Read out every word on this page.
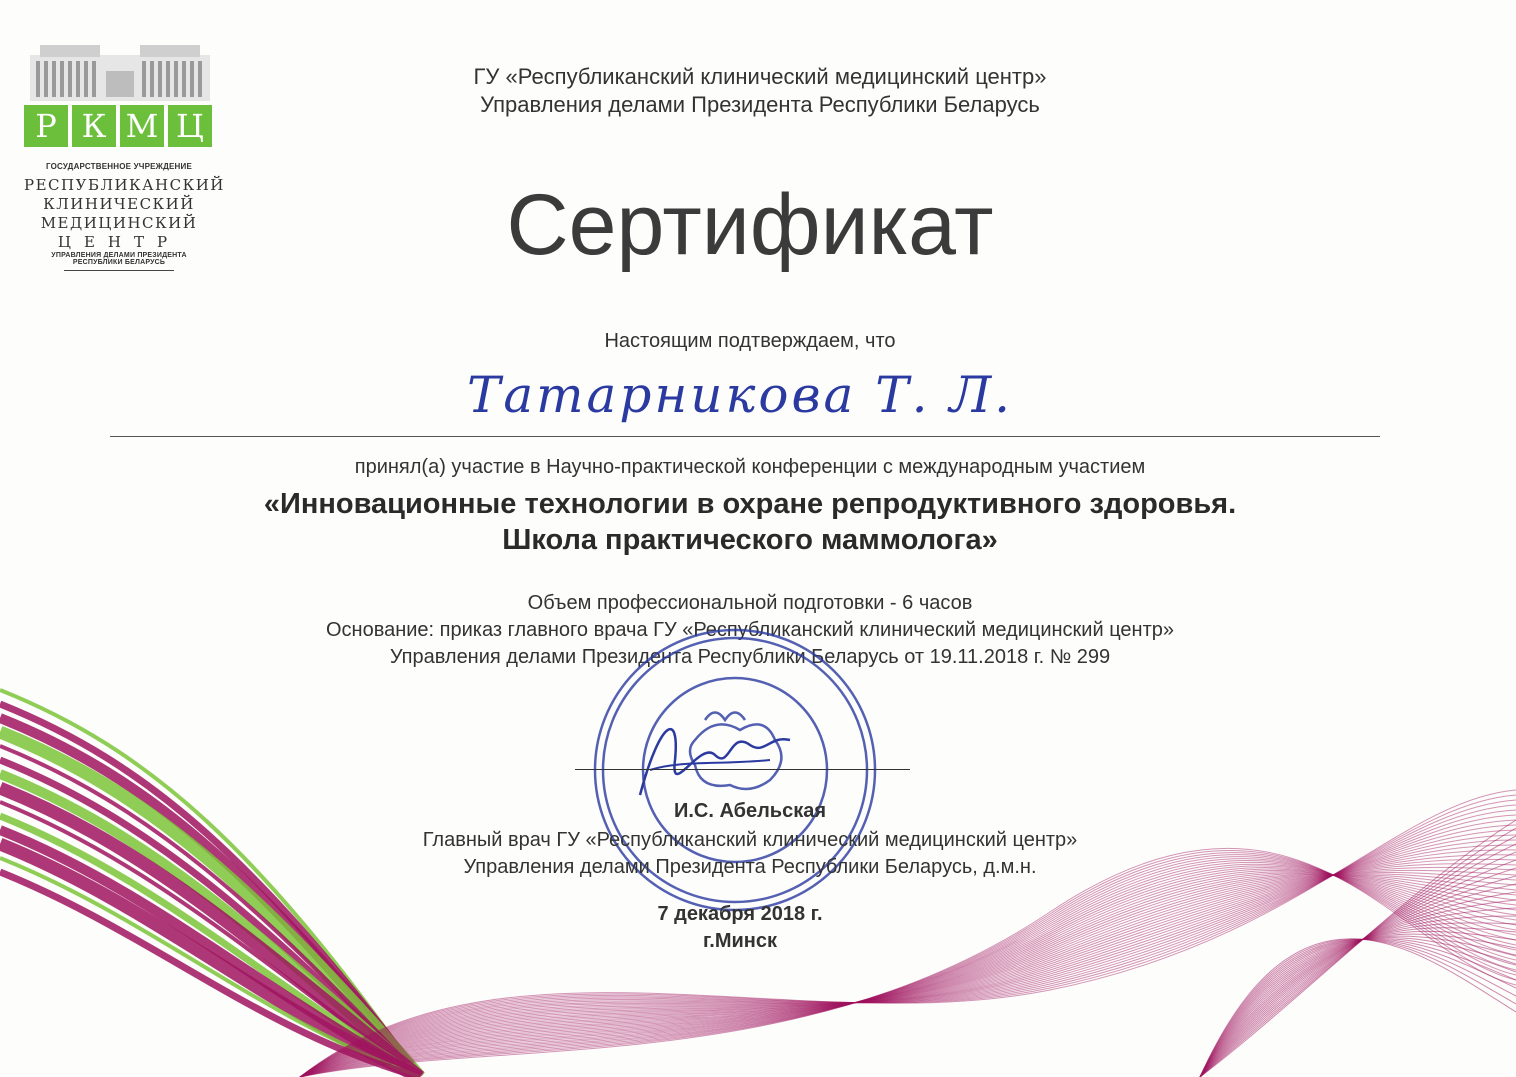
Р К М Ц
ГОСУДАРСТВЕННОЕ УЧРЕЖДЕНИЕ
РЕСПУБЛИКАНСКИЙ
КЛИНИЧЕСКИЙ
МЕДИЦИНСКИЙ
ЦЕНТР
УПРАВЛЕНИЯ ДЕЛАМИ ПРЕЗИДЕНТА
РЕСПУБЛИКИ БЕЛАРУСЬ
ГУ «Республиканский клинический медицинский центр»
Управления делами Президента Республики Беларусь
Сертификат
Настоящим подтверждаем, что
Татарникова Т. Л.
принял(а) участие в Научно-практической конференции с международным участием
«Инновационные технологии в охране репродуктивного здоровья.
Школа практического маммолога»
Объем профессиональной подготовки - 6 часов
Основание: приказ главного врача ГУ «Республиканский клинический медицинский центр»
Управления делами Президента Республики Беларусь от 19.11.2018 г. № 299
И.С. Абельская
Главный врач ГУ «Республиканский клинический медицинский центр»
Управления делами Президента Республики Беларусь, д.м.н.
7 декабря 2018 г.
г.Минск
